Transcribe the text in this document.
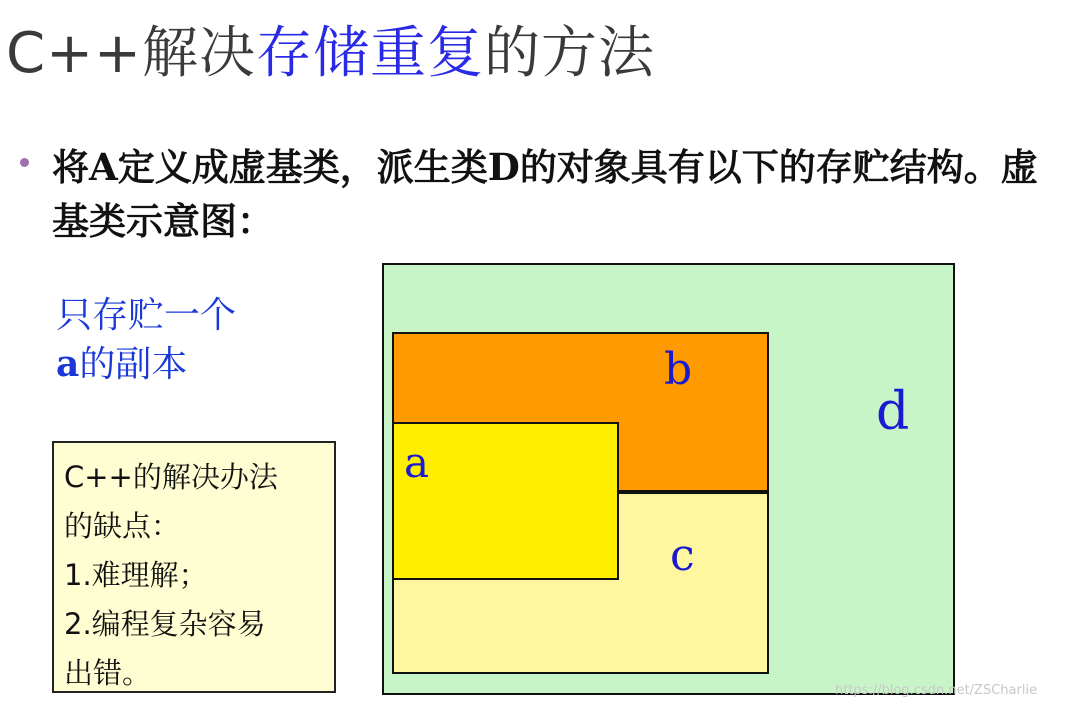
C++解决存储重复的方法
将A定义成虚基类，派生类D的对象具有以下的存贮结构。虚基类示意图：
只存贮一个
a的副本
C++的解决办法
的缺点：
1.难理解；
2.编程复杂容易
出错。
b
d
a
c
https://blog.csdn.net/ZSCharlie
